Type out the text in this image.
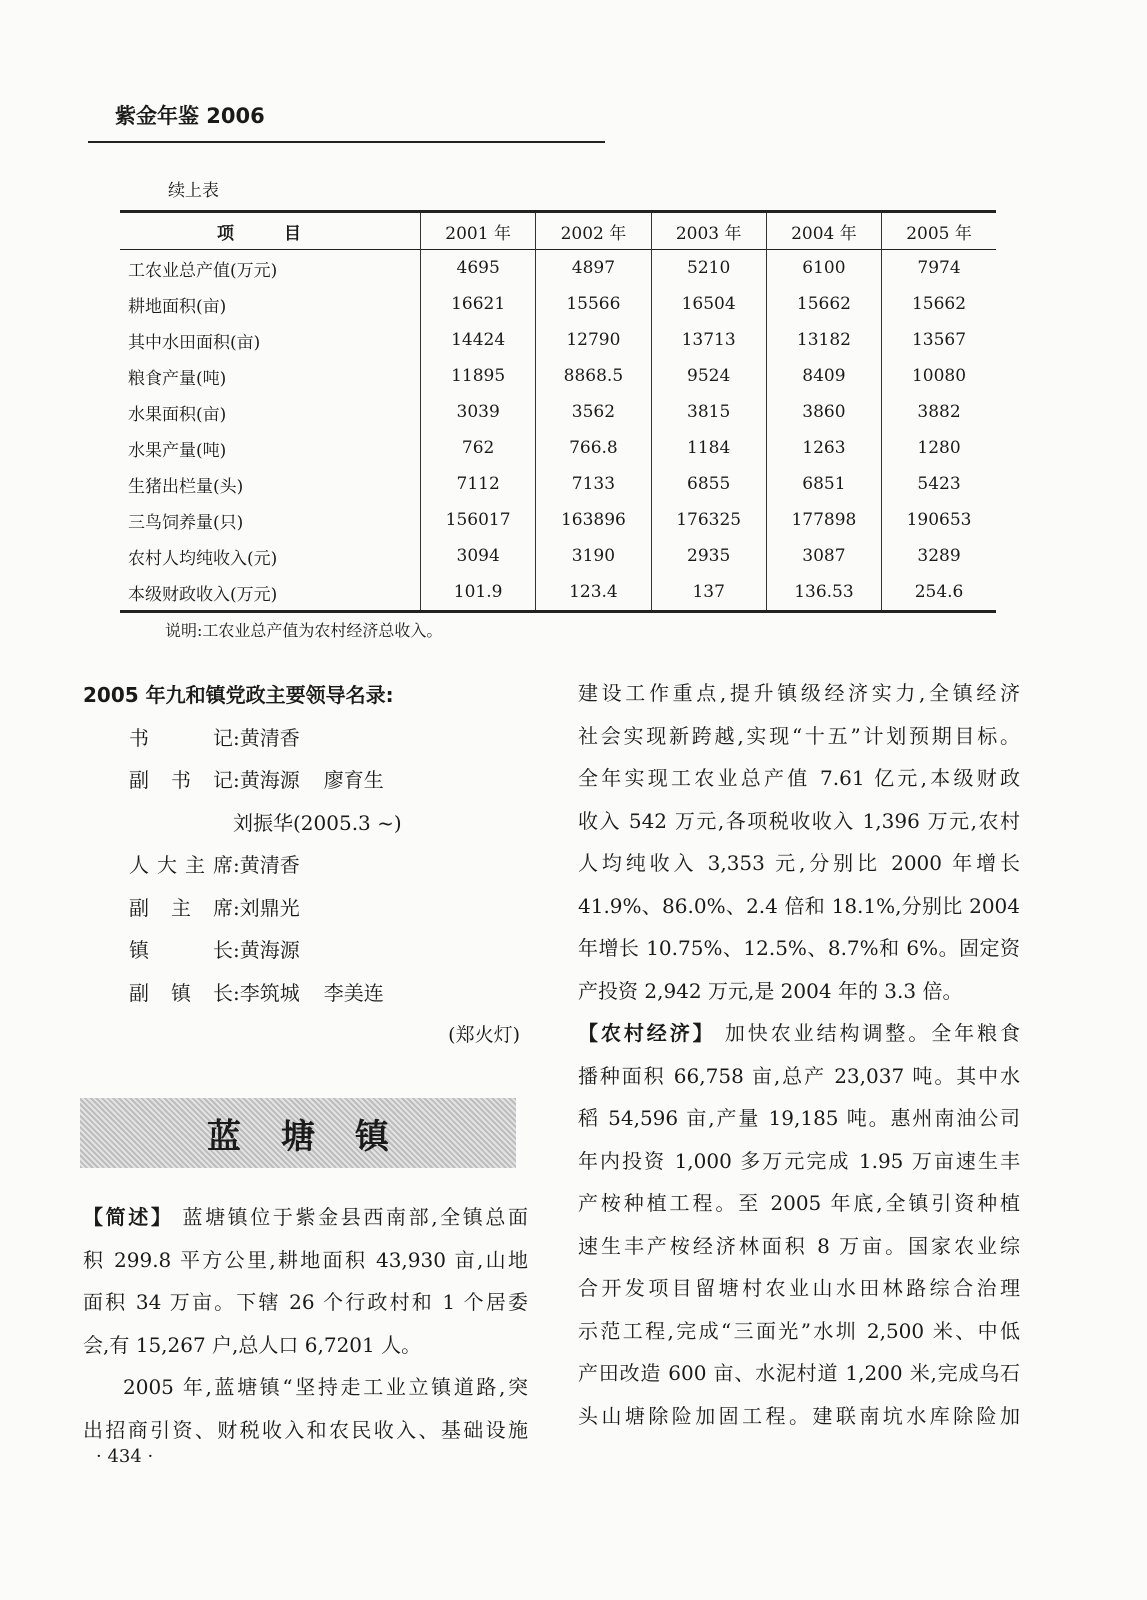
紫金年鉴 2006
续上表
项 目	2001 年	2002 年	2003 年	2004 年	2005 年
工农业总产值(万元)	4695	4897	5210	6100	7974
耕地面积(亩)	16621	15566	16504	15662	15662
其中水田面积(亩)	14424	12790	13713	13182	13567
粮食产量(吨)	11895	8868.5	9524	8409	10080
水果面积(亩)	3039	3562	3815	3860	3882
水果产量(吨)	762	766.8	1184	1263	1280
生猪出栏量(头)	7112	7133	6855	6851	5423
三鸟饲养量(只)	156017	163896	176325	177898	190653
农村人均纯收入(元)	3094	3190	2935	3087	3289
本级财政收入(万元)	101.9	123.4	137	136.53	254.6
说明:工农业总产值为农村经济总收入。
2005 年九和镇党政主要领导名录:
书记 : 黄清香
副书记 : 黄海源 廖育生
刘振华(2005.3 ~)
人大主席 : 黄清香
副主席 : 刘鼎光
镇长 : 黄海源
副镇长 : 李筑城 李美连
(郑火灯)
蓝塘镇

【简述】 蓝塘镇位于紫金县西南部,全镇总面

积 299.8 平方公里,耕地面积 43,930 亩,山地

面积 34 万亩。下辖 26 个行政村和 1 个居委

会,有 15,267 户,总人口 6,7201 人。

2005 年,蓝塘镇“坚持走工业立镇道路,突

出招商引资、财税收入和农民收入、基础设施

建设工作重点,提升镇级经济实力,全镇经济

社会实现新跨越,实现“十五”计划预期目标。

全年实现工农业总产值 7.61 亿元,本级财政

收入 542 万元,各项税收收入 1,396 万元,农村

人均纯收入 3,353 元,分别比 2000 年增长

41.9%、86.0%、2.4 倍和 18.1%,分别比 2004

年增长 10.75%、12.5%、8.7%和 6%。固定资

产投资 2,942 万元,是 2004 年的 3.3 倍。

【农村经济】 加快农业结构调整。全年粮食

播种面积 66,758 亩,总产 23,037 吨。其中水

稻 54,596 亩,产量 19,185 吨。惠州南油公司

年内投资 1,000 多万元完成 1.95 万亩速生丰

产桉种植工程。至 2005 年底,全镇引资种植

速生丰产桉经济林面积 8 万亩。国家农业综

合开发项目留塘村农业山水田林路综合治理

示范工程,完成“三面光”水圳 2,500 米、中低

产田改造 600 亩、水泥村道 1,200 米,完成乌石

头山塘除险加固工程。建联南坑水库除险加

· 434 ·
